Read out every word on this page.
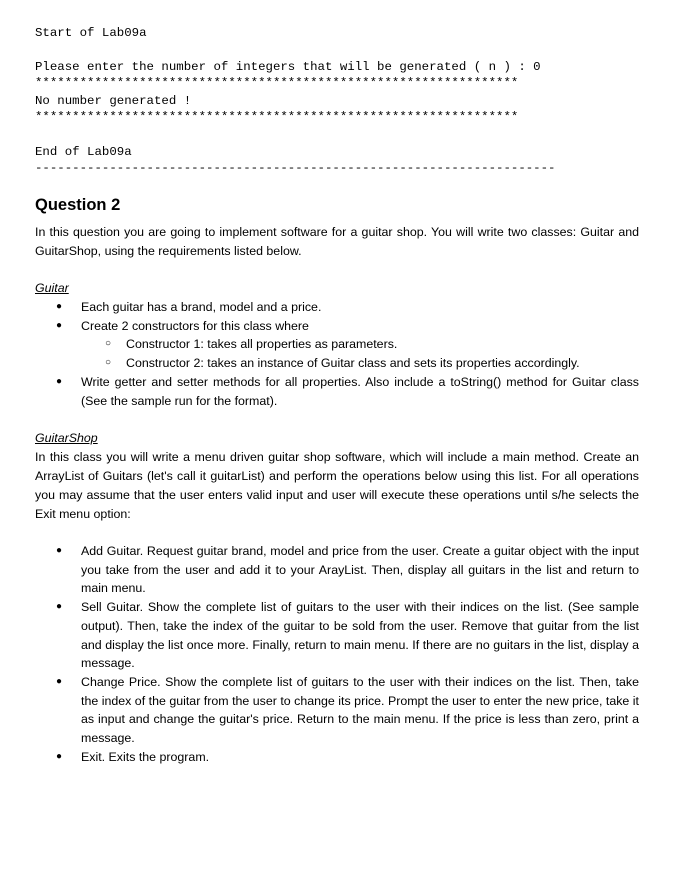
Start of Lab09a
Please enter the number of integers that will be generated ( n ) : 0
*****************************************************************
No number generated !
*****************************************************************
End of Lab09a
----------------------------------------------------------------------
Question 2

In this question you are going to implement software for a guitar shop. You will write two classes: Guitar and GuitarShop, using the requirements listed below.

Guitar

● Each guitar has a brand, model and a price.
● Create 2 constructors for this class where
○ Constructor 1: takes all properties as parameters.
○ Constructor 2: takes an instance of Guitar class and sets its properties accordingly.
● Write getter and setter methods for all properties. Also include a toString() method for Guitar class (See the sample run for the format).

GuitarShop

In this class you will write a menu driven guitar shop software, which will include a main method. Create an ArrayList of Guitars (let's call it guitarList) and perform the operations below using this list. For all operations you may assume that the user enters valid input and user will execute these operations until s/he selects the Exit menu option:

● Add Guitar. Request guitar brand, model and price from the user. Create a guitar object with the input you take from the user and add it to your ArayList. Then, display all guitars in the list and return to main menu.
● Sell Guitar. Show the complete list of guitars to the user with their indices on the list. (See sample output). Then, take the index of the guitar to be sold from the user. Remove that guitar from the list and display the list once more. Finally, return to main menu. If there are no guitars in the list, display a message.
● Change Price. Show the complete list of guitars to the user with their indices on the list. Then, take the index of the guitar from the user to change its price. Prompt the user to enter the new price, take it as input and change the guitar's price. Return to the main menu. If the price is less than zero, print a message.
● Exit. Exits the program.
